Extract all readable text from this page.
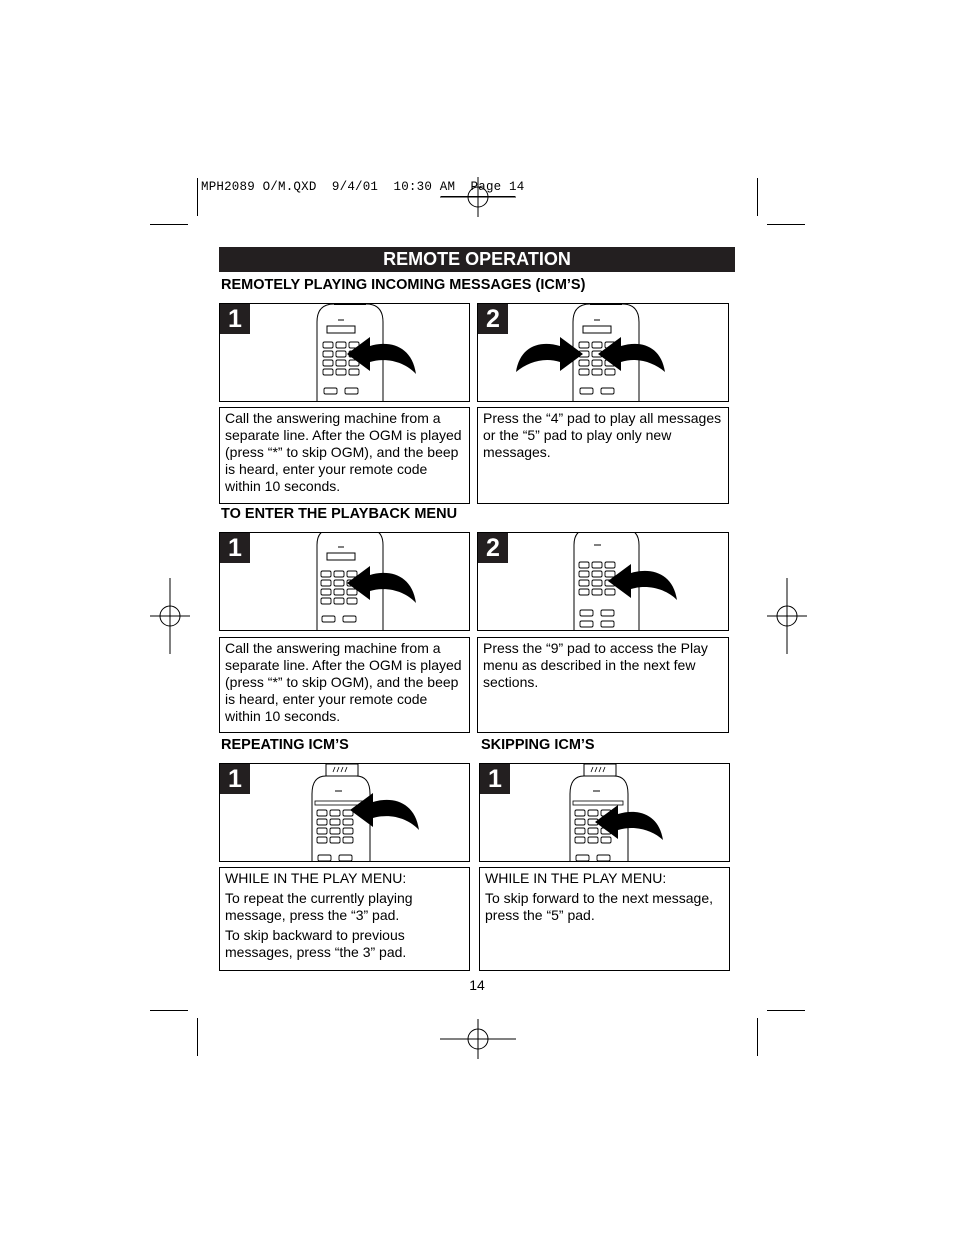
MPH2089 O/M.QXD  9/4/01  10:30 AM  Page 14
REMOTE OPERATION
REMOTELY PLAYING INCOMING MESSAGES (ICM’S)
1	2
Call the answering machine from a separate line. After the OGM is played (press “*” to skip OGM), and the beep is heard, enter your remote code within 10 seconds.
Press the “4” pad to play all messages or the “5” pad to play only new messages.
TO ENTER THE PLAYBACK MENU
1	2
Call the answering machine from a separate line. After the OGM is played (press “*” to skip OGM), and the beep is heard, enter your remote code within 10 seconds.
Press the “9” pad to access the Play menu as described in the next few sections.
REPEATING ICM’S	SKIPPING ICM’S
1	1

WHILE IN THE PLAY MENU:

To repeat the currently playing message, press the “3” pad.

To skip backward to previous messages, press “the 3” pad.

WHILE IN THE PLAY MENU:

To skip forward to the next message, press the “5” pad.

14
